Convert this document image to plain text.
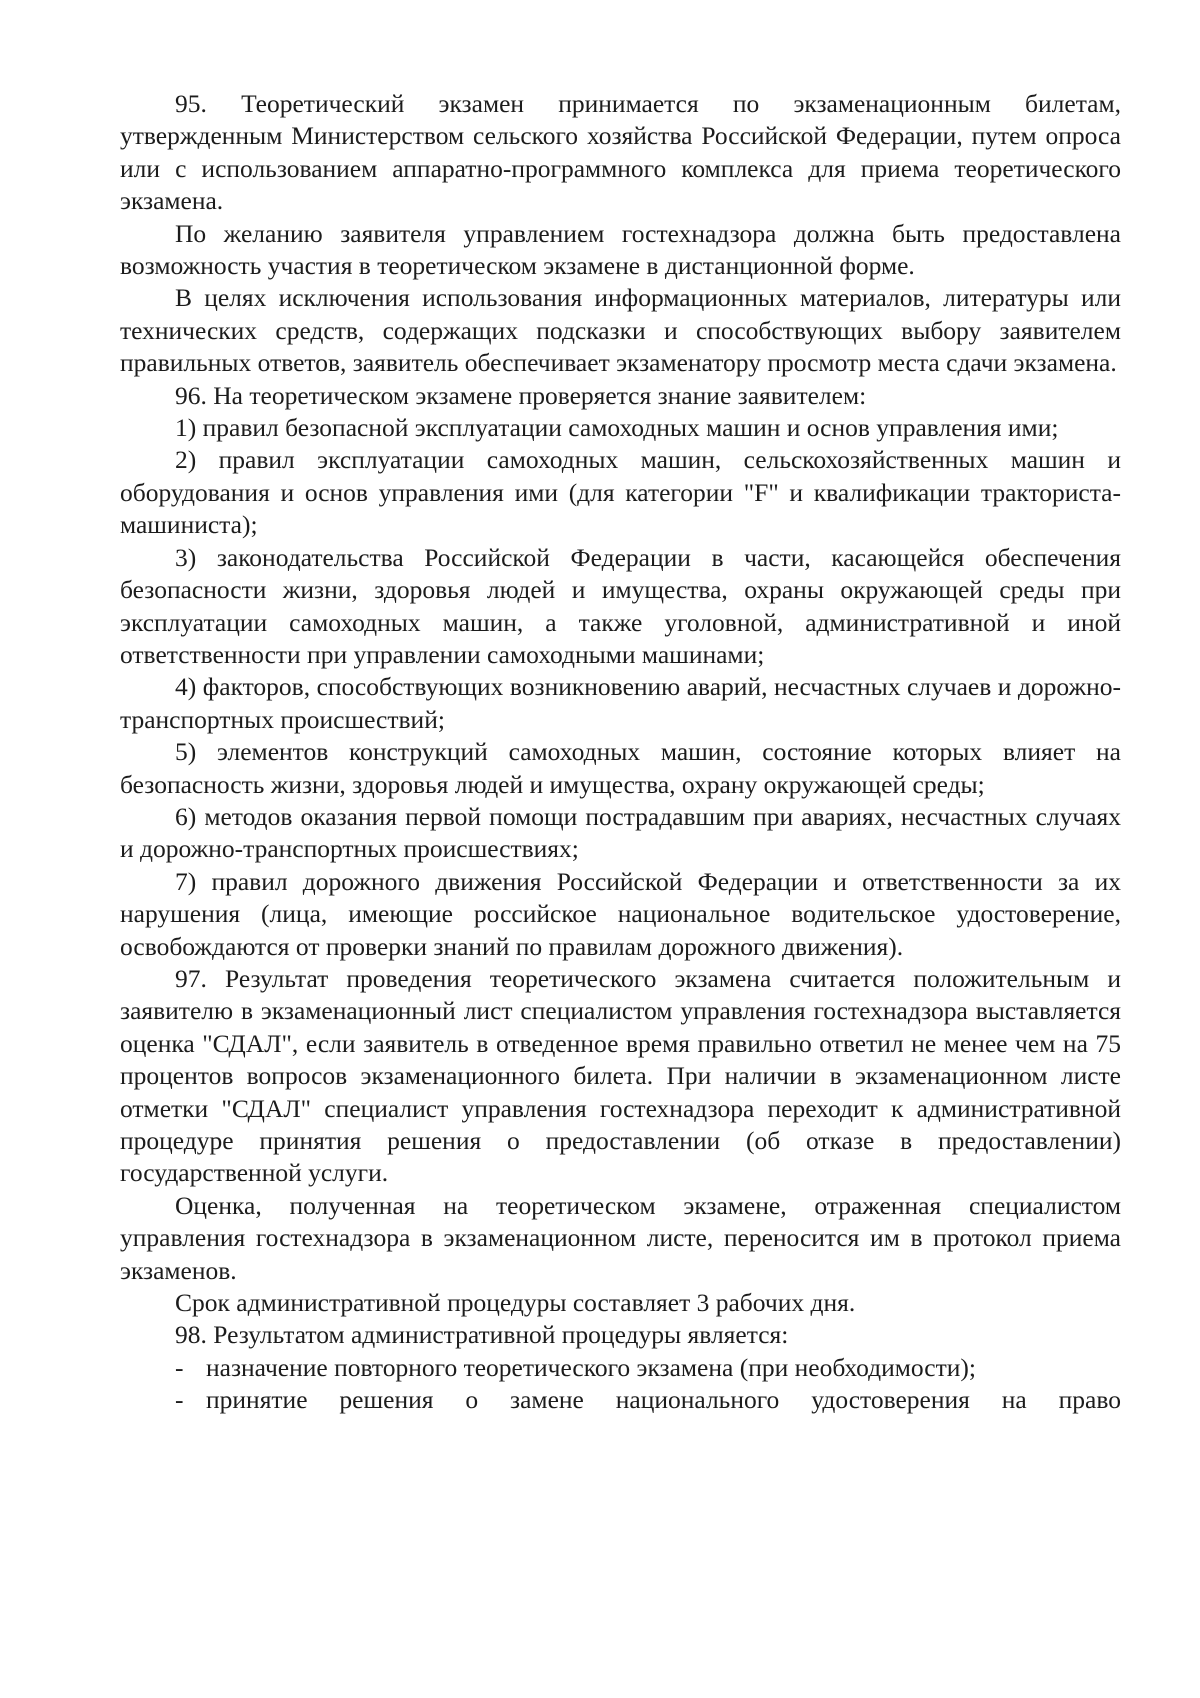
95. Теоретический экзамен принимается по экзаменационным билетам, утвержденным Министерством сельского хозяйства Российской Федерации, путем опроса или с использованием аппаратно-программного комплекса для приема теоретического экзамена.

По желанию заявителя управлением гостехнадзора должна быть предоставлена возможность участия в теоретическом экзамене в дистанционной форме.

В целях исключения использования информационных материалов, литературы или технических средств, содержащих подсказки и способствующих выбору заявителем правильных ответов, заявитель обеспечивает экзаменатору просмотр места сдачи экзамена.

96. На теоретическом экзамене проверяется знание заявителем:

1) правил безопасной эксплуатации самоходных машин и основ управления ими;

2) правил эксплуатации самоходных машин, сельскохозяйственных машин и оборудования и основ управления ими (для категории "F" и квалификации тракториста-машиниста);

3) законодательства Российской Федерации в части, касающейся обеспечения безопасности жизни, здоровья людей и имущества, охраны окружающей среды при эксплуатации самоходных машин, а также уголовной, административной и иной ответственности при управлении самоходными машинами;

4) факторов, способствующих возникновению аварий, несчастных случаев и дорожно-транспортных происшествий;

5) элементов конструкций самоходных машин, состояние которых влияет на безопасность жизни, здоровья людей и имущества, охрану окружающей среды;

6) методов оказания первой помощи пострадавшим при авариях, несчастных случаях и дорожно-транспортных происшествиях;

7) правил дорожного движения Российской Федерации и ответственности за их нарушения (лица, имеющие российское национальное водительское удостоверение, освобождаются от проверки знаний по правилам дорожного движения).

97. Результат проведения теоретического экзамена считается положительным и заявителю в экзаменационный лист специалистом управления гостехнадзора выставляется оценка "СДАЛ", если заявитель в отведенное время правильно ответил не менее чем на 75 процентов вопросов экзаменационного билета. При наличии в экзаменационном листе отметки "СДАЛ" специалист управления гостехнадзора переходит к административной процедуре принятия решения о предоставлении (об отказе в предоставлении) государственной услуги.

Оценка, полученная на теоретическом экзамене, отраженная специалистом управления гостехнадзора в экзаменационном листе, переносится им в протокол приема экзаменов.

Срок административной процедуры составляет 3 рабочих дня.

98. Результатом административной процедуры является:

- назначение повторного теоретического экзамена (при необходимости);
- принятие решения о замене национального удостоверения на право
